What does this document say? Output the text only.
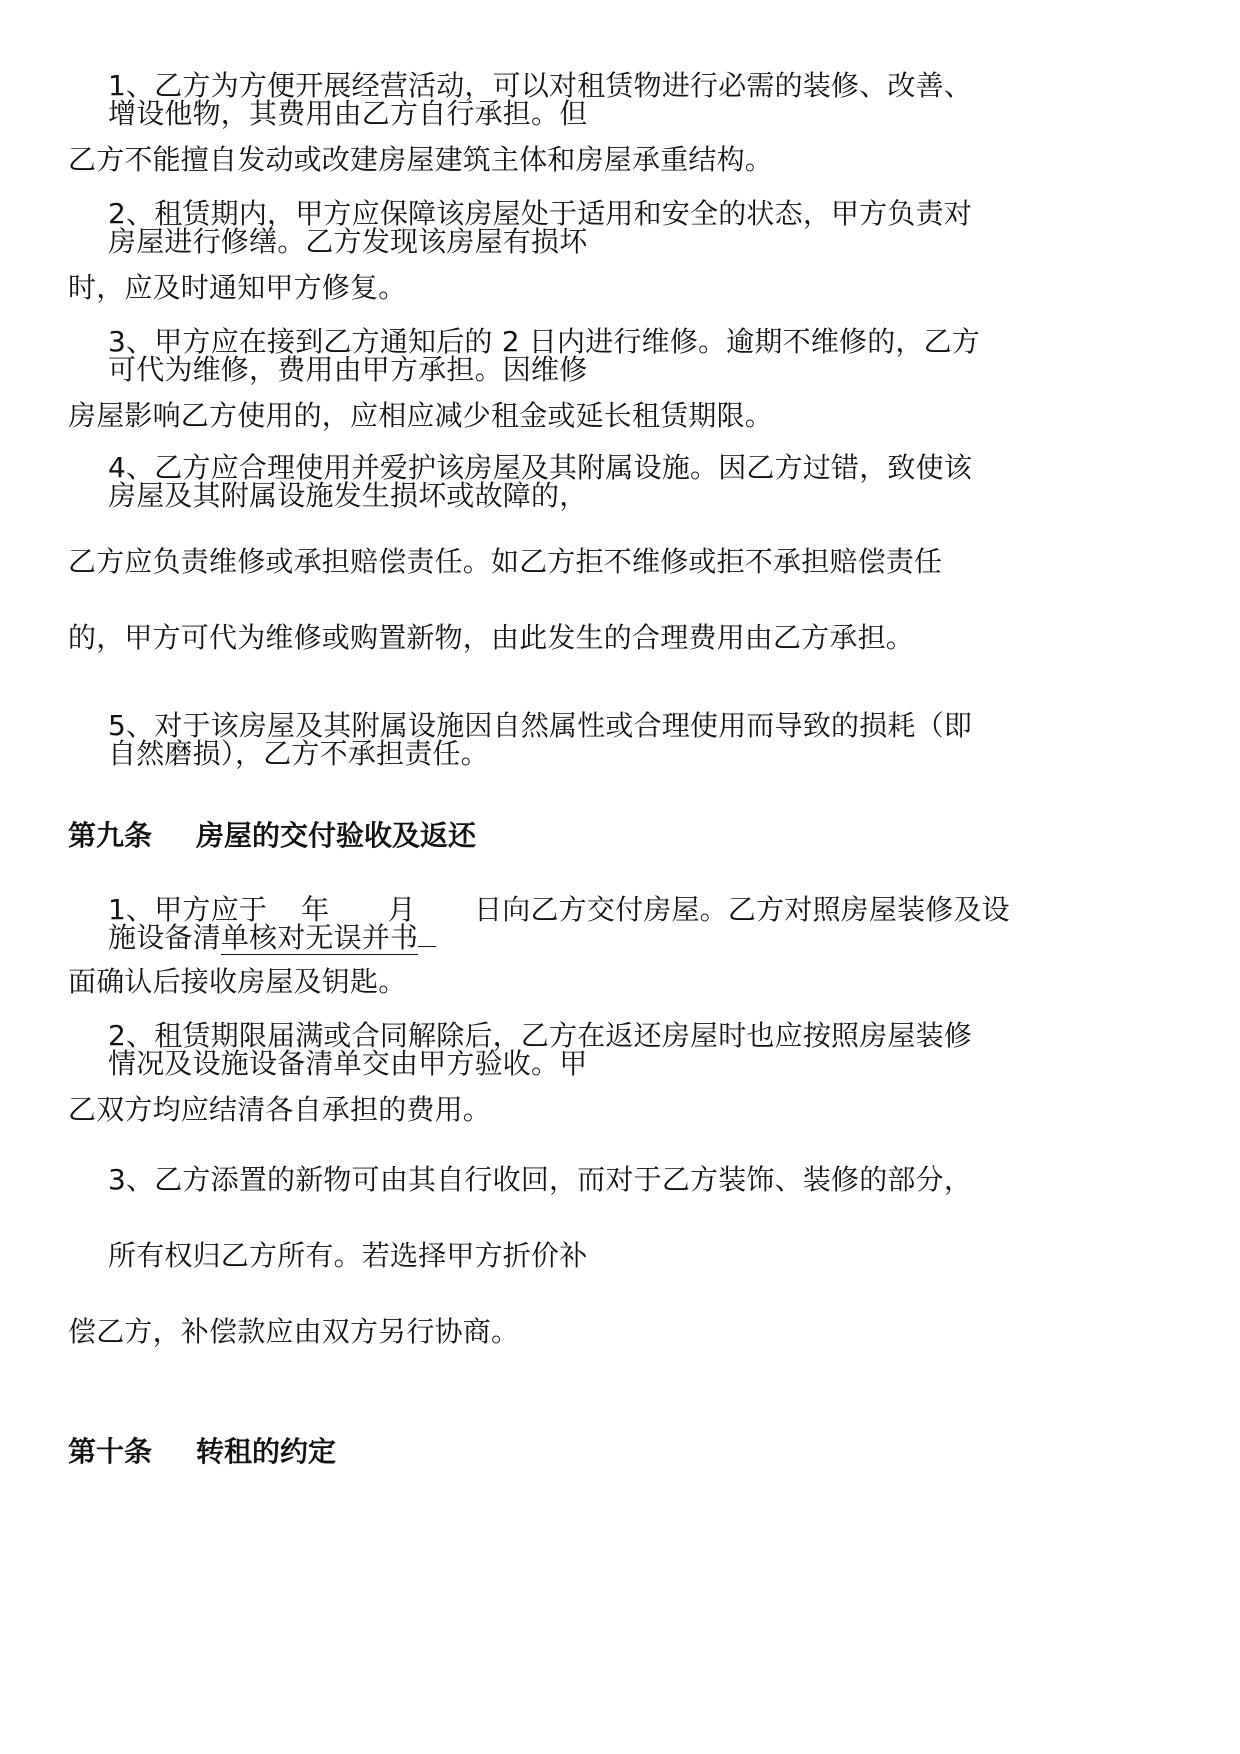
1、乙方为方便开展经营活动，可以对租赁物进行必需的装修、改善、
增设他物，其费用由乙方自行承担。但
乙方不能擅自发动或改建房屋建筑主体和房屋承重结构。
2、租赁期内，甲方应保障该房屋处于适用和安全的状态，甲方负责对
房屋进行修缮。乙方发现该房屋有损坏
时，应及时通知甲方修复。
3、甲方应在接到乙方通知后的 2 日内进行维修。逾期不维修的，乙方
可代为维修，费用由甲方承担。因维修
房屋影响乙方使用的，应相应减少租金或延长租赁期限。
4、乙方应合理使用并爱护该房屋及其附属设施。因乙方过错，致使该
房屋及其附属设施发生损坏或故障的，
乙方应负责维修或承担赔偿责任。如乙方拒不维修或拒不承担赔偿责任
的，甲方可代为维修或购置新物，由此发生的合理费用由乙方承担。
5、对于该房屋及其附属设施因自然属性或合理使用而导致的损耗（即
自然磨损），乙方不承担责任。
第九条 房屋的交付验收及返还
1、甲方应于 年 月 日向乙方交付房屋。乙方对照房屋装修及设
施设备清单核对无误并书
面确认后接收房屋及钥匙。
2、租赁期限届满或合同解除后，乙方在返还房屋时也应按照房屋装修
情况及设施设备清单交由甲方验收。甲
乙双方均应结清各自承担的费用。
3、乙方添置的新物可由其自行收回，而对于乙方装饰、装修的部分，
所有权归乙方所有。若选择甲方折价补
偿乙方，补偿款应由双方另行协商。
第十条 转租的约定
